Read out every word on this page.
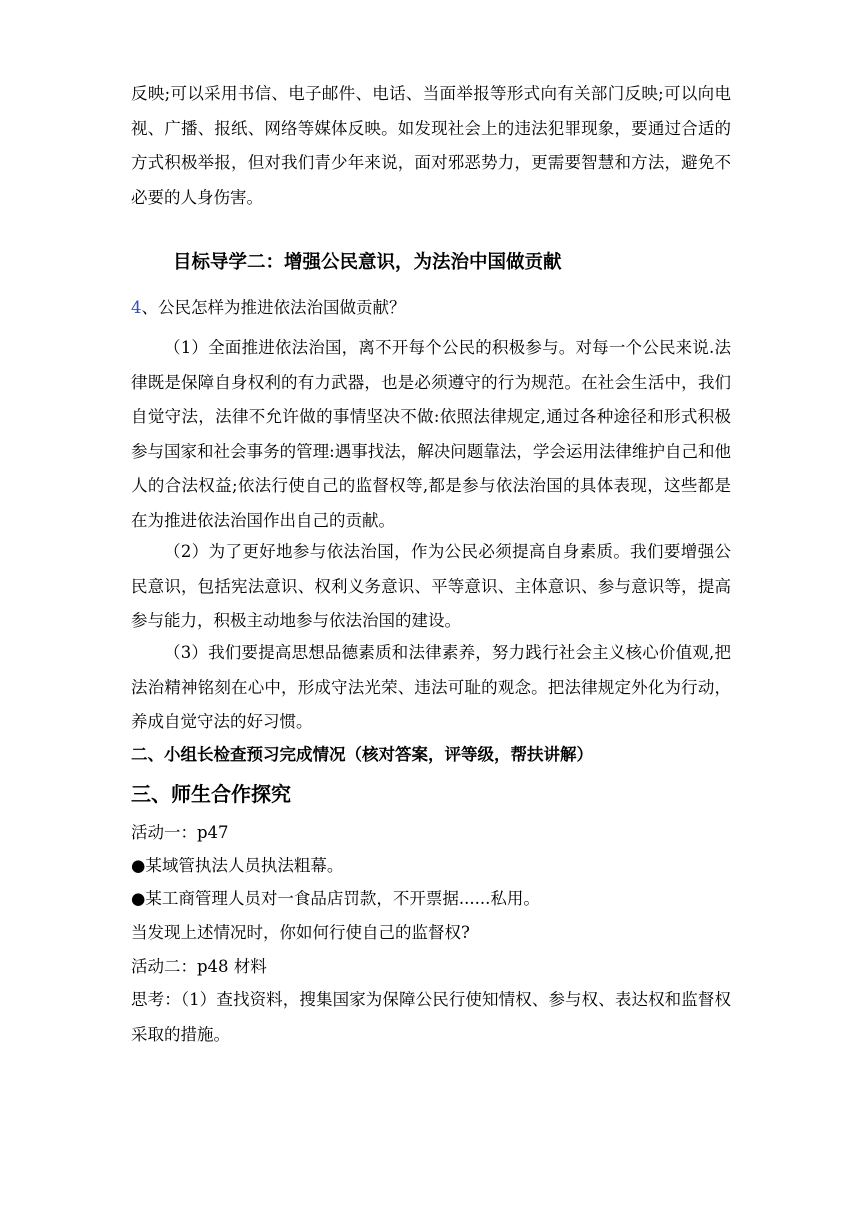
反映;可以采用书信、电子邮件、电话、当面举报等形式向有关部门反映;可以向电视、广播、报纸、网络等媒体反映。如发现社会上的违法犯罪现象，要通过合适的方式积极举报，但对我们青少年来说，面对邪恶势力，更需要智慧和方法，避免不必要的人身伤害。

目标导学二：增强公民意识，为法治中国做贡献

4、公民怎样为推进依法治国做贡献？

（1）全面推进依法治国，离不开每个公民的积极参与。对每一个公民来说.法律既是保障自身权利的有力武器，也是必须遵守的行为规范。在社会生活中，我们自觉守法，法律不允许做的事情坚决不做:依照法律规定,通过各种途径和形式积极参与国家和社会事务的管理:遇事找法，解决问题靠法，学会运用法律维护自己和他人的合法权益;依法行使自己的监督权等,都是参与依法治国的具体表现，这些都是在为推进依法治国作出自己的贡献。

（2）为了更好地参与依法治国，作为公民必须提高自身素质。我们要增强公民意识，包括宪法意识、权利义务意识、平等意识、主体意识、参与意识等，提高参与能力，积极主动地参与依法治国的建设。

（3）我们要提高思想品德素质和法律素养，努力践行社会主义核心价值观,把法治精神铭刻在心中，形成守法光荣、违法可耻的观念。把法律规定外化为行动，养成自觉守法的好习惯。

二、小组长检查预习完成情况（核对答案，评等级，帮扶讲解）
三、师生合作探究

活动一：p47

●某域管执法人员执法粗幕。

●某工商管理人员对一食品店罚款，不开票据......私用。

当发现上述情况时，你如何行使自己的监督权?

活动二：p48 材料

思考：（1）查找资料，搜集国家为保障公民行使知情权、参与权、表达权和监督权采取的措施。
